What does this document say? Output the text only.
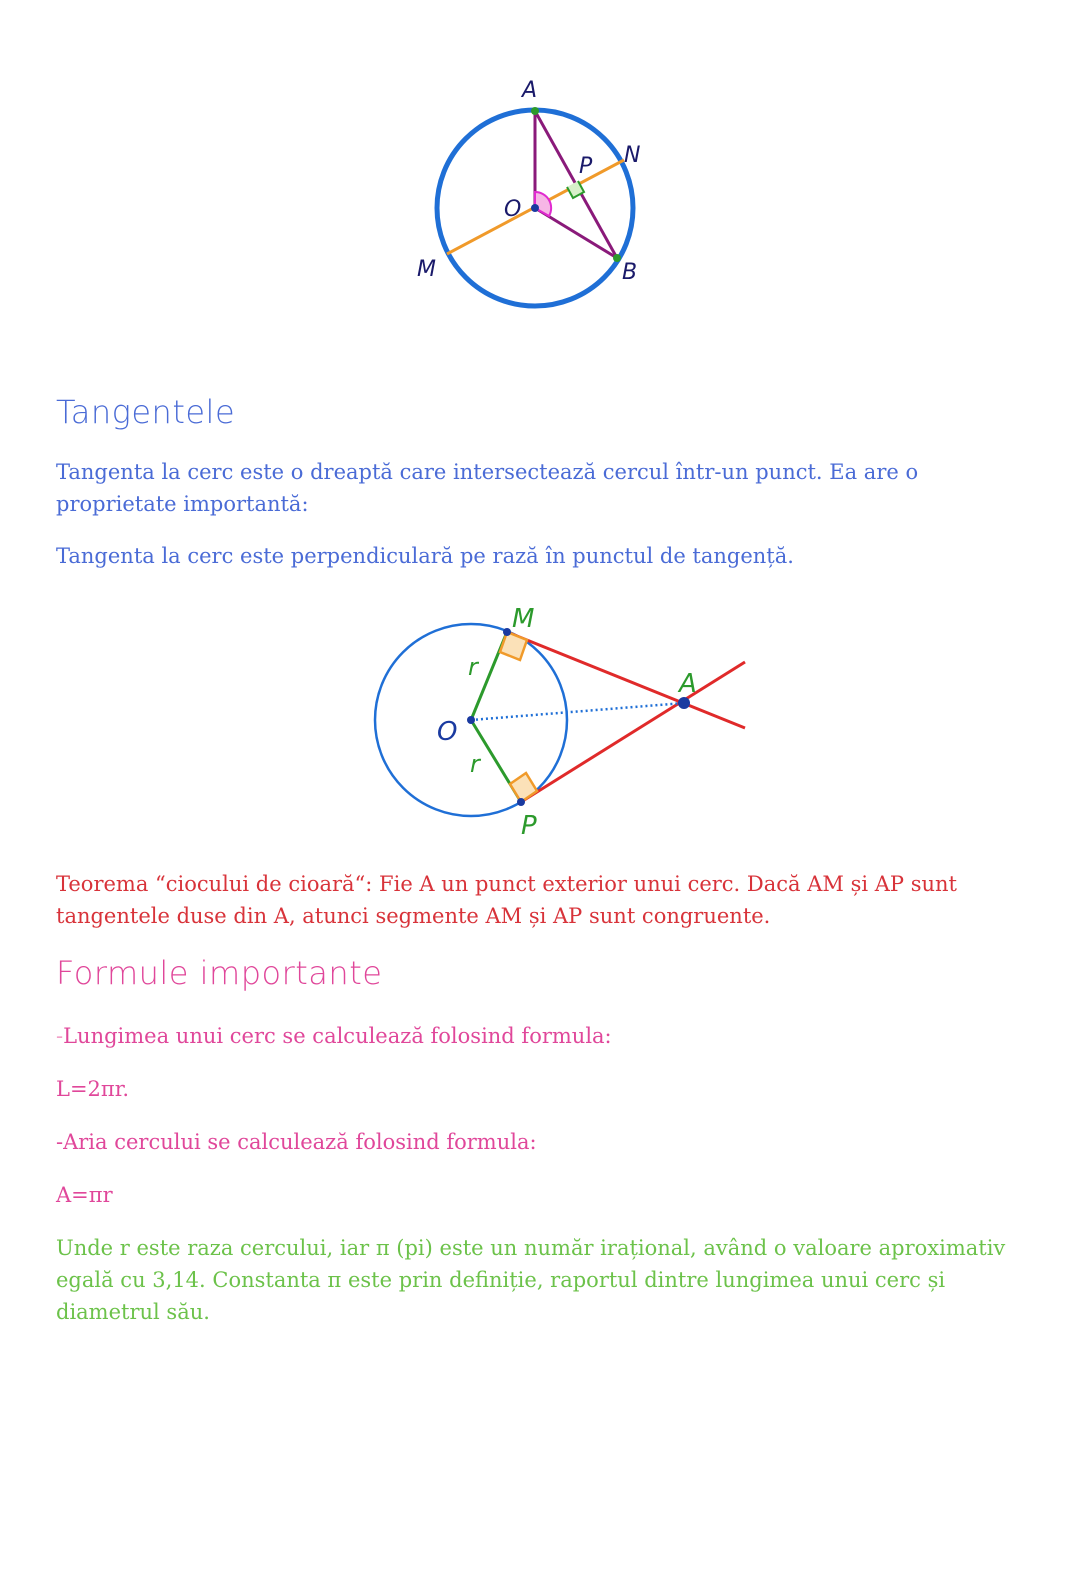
A
N
P
O
M	B
Tangentele

Tangenta la cerc este o dreaptă care intersectează cercul într-un punct. Ea are o proprietate importantă:

Tangenta la cerc este perpendiculară pe rază în punctul de tangență.

M
A
O
r
r
P

Teorema “ciocului de cioară“: Fie A un punct exterior unui cerc. Dacă AM și AP sunt tangentele duse din A, atunci segmente AM și AP sunt congruente.

Formule importante

-Lungimea unui cerc se calculează folosind formula:

L=2πr.

-Aria cercului se calculează folosind formula:

A=πr

Unde r este raza cercului, iar π (pi) este un număr irațional, având o valoare aproximativ egală cu 3,14. Constanta π este prin definiție, raportul dintre lungimea unui cerc și diametrul său.
